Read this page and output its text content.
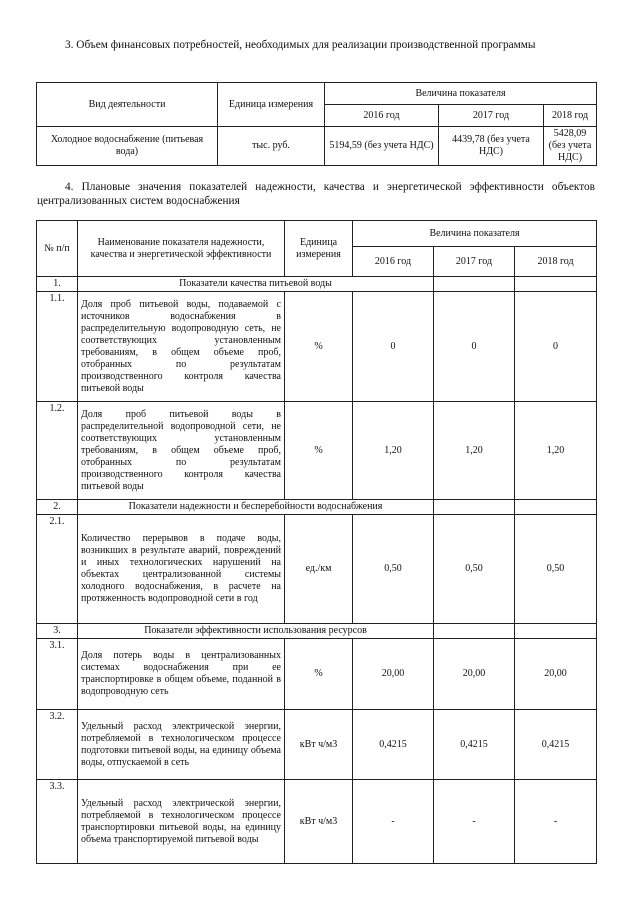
3. Объем финансовых потребностей, необходимых для реализации производственной программы
Вид деятельности	Единица измерения	Величина показателя		
		2016 год	2017 год	2018 год
Холодное водоснабжение (питьевая вода)	тыс. руб.	5194,59 (без учета НДС)	4439,78 (без учета НДС)	5428,09 (без учета НДС)
4. Плановые значения показателей надежности, качества и энергетической эффективности объектов централизованных систем водоснабжения
№ п/п	Наименование показателя надежности, качества и энергетической эффективности	Единица измерения	Величина показателя		
			2016 год	2017 год	2018 год
1.	Показатели качества питьевой воды				
1.1.	Доля проб питьевой воды, подаваемой с источников водоснабжения в распределительную водопроводную сеть, не соответствующих установленным требованиям, в общем объеме проб, отобранных по результатам производственного контроля качества питьевой воды	%	0	0	0
1.2.	Доля проб питьевой воды в распределительной водопроводной сети, не соответствующих установленным требованиям, в общем объеме проб, отобранных по результатам производственного контроля качества питьевой воды	%	1,20	1,20	1,20
2.	Показатели надежности и бесперебойности водоснабжения				
2.1.	Количество перерывов в подаче воды, возникших в результате аварий, повреждений и иных технологических нарушений на объектах централизованной системы холодного водоснабжения, в расчете на протяженность водопроводной сети в год	ед./км	0,50	0,50	0,50
3.	Показатели эффективности использования ресурсов				
3.1.	Доля потерь воды в централизованных системах водоснабжения при ее транспортировке в общем объеме, поданной в водопроводную сеть	%	20,00	20,00	20,00
3.2.	Удельный расход электрической энергии, потребляемой в технологическом процессе подготовки питьевой воды, на единицу объема воды, отпускаемой в сеть	кВт ч/м3	0,4215	0,4215	0,4215
3.3.	Удельный расход электрической энергии, потребляемой в технологическом процессе транспортировки питьевой воды, на единицу объема транспортируемой питьевой воды	кВт ч/м3	-	-	-
